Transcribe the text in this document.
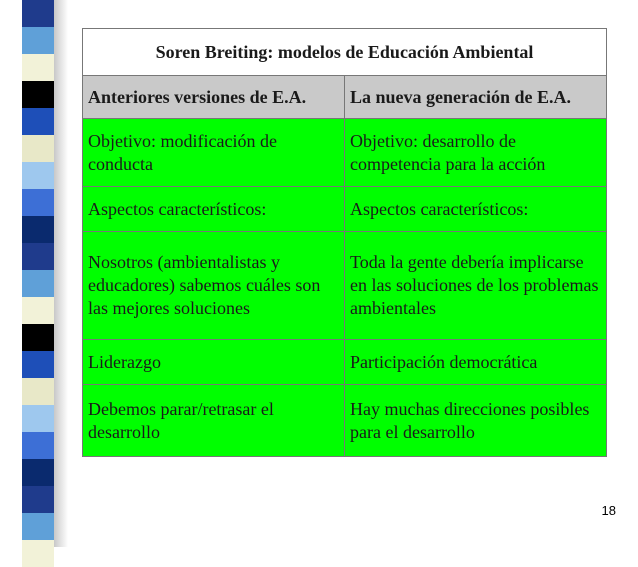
Soren Breiting: modelos de Educación Ambiental	
Anteriores versiones de E.A.	La nueva generación de E.A.
Objetivo: modificación de conducta	Objetivo: desarrollo de competencia para la acción
Aspectos característicos:	Aspectos característicos:
Nosotros (ambientalistas y educadores) sabemos cuáles son las mejores soluciones	Toda la gente debería implicarse en las soluciones de los problemas ambientales
Liderazgo	Participación democrática
Debemos parar/retrasar el desarrollo	Hay muchas direcciones posibles para el desarrollo
18
